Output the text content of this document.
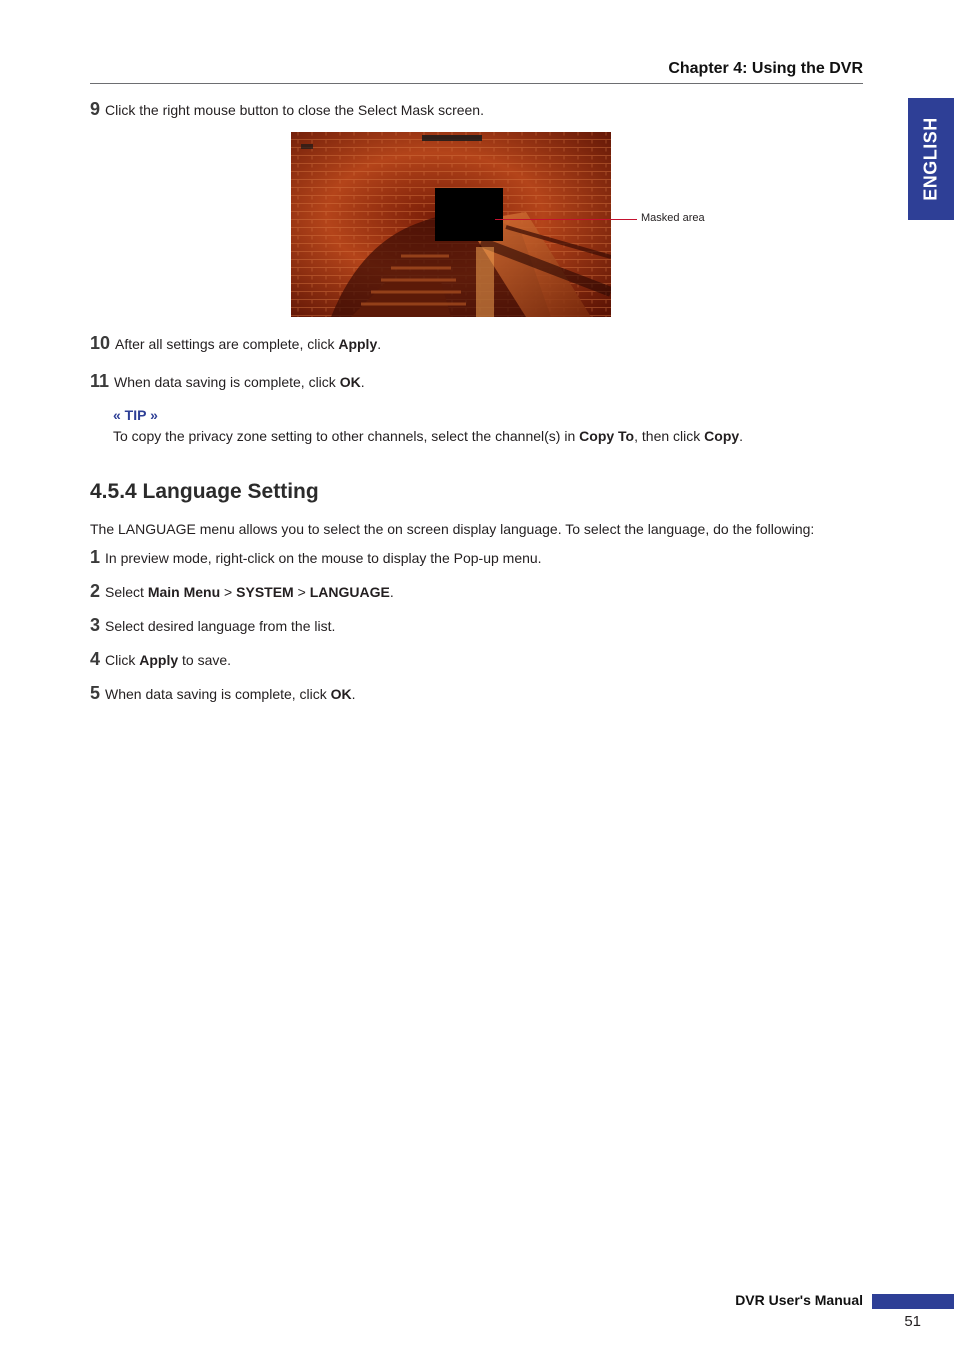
Chapter 4: Using the DVR
ENGLISH
9 Click the right mouse button to close the Select Mask screen.
Masked area
10 After all settings are complete, click Apply.
11 When data saving is complete, click OK.
« TIP »
To copy the privacy zone setting to other channels, select the channel(s) in Copy To, then click Copy.
4.5.4 Language Setting
The LANGUAGE menu allows you to select the on screen display language. To select the language, do the following:
1 In preview mode, right-click on the mouse to display the Pop-up menu.
2 Select Main Menu > SYSTEM > LANGUAGE.
3 Select desired language from the list.
4 Click Apply to save.
5 When data saving is complete, click OK.
DVR User's Manual
51
